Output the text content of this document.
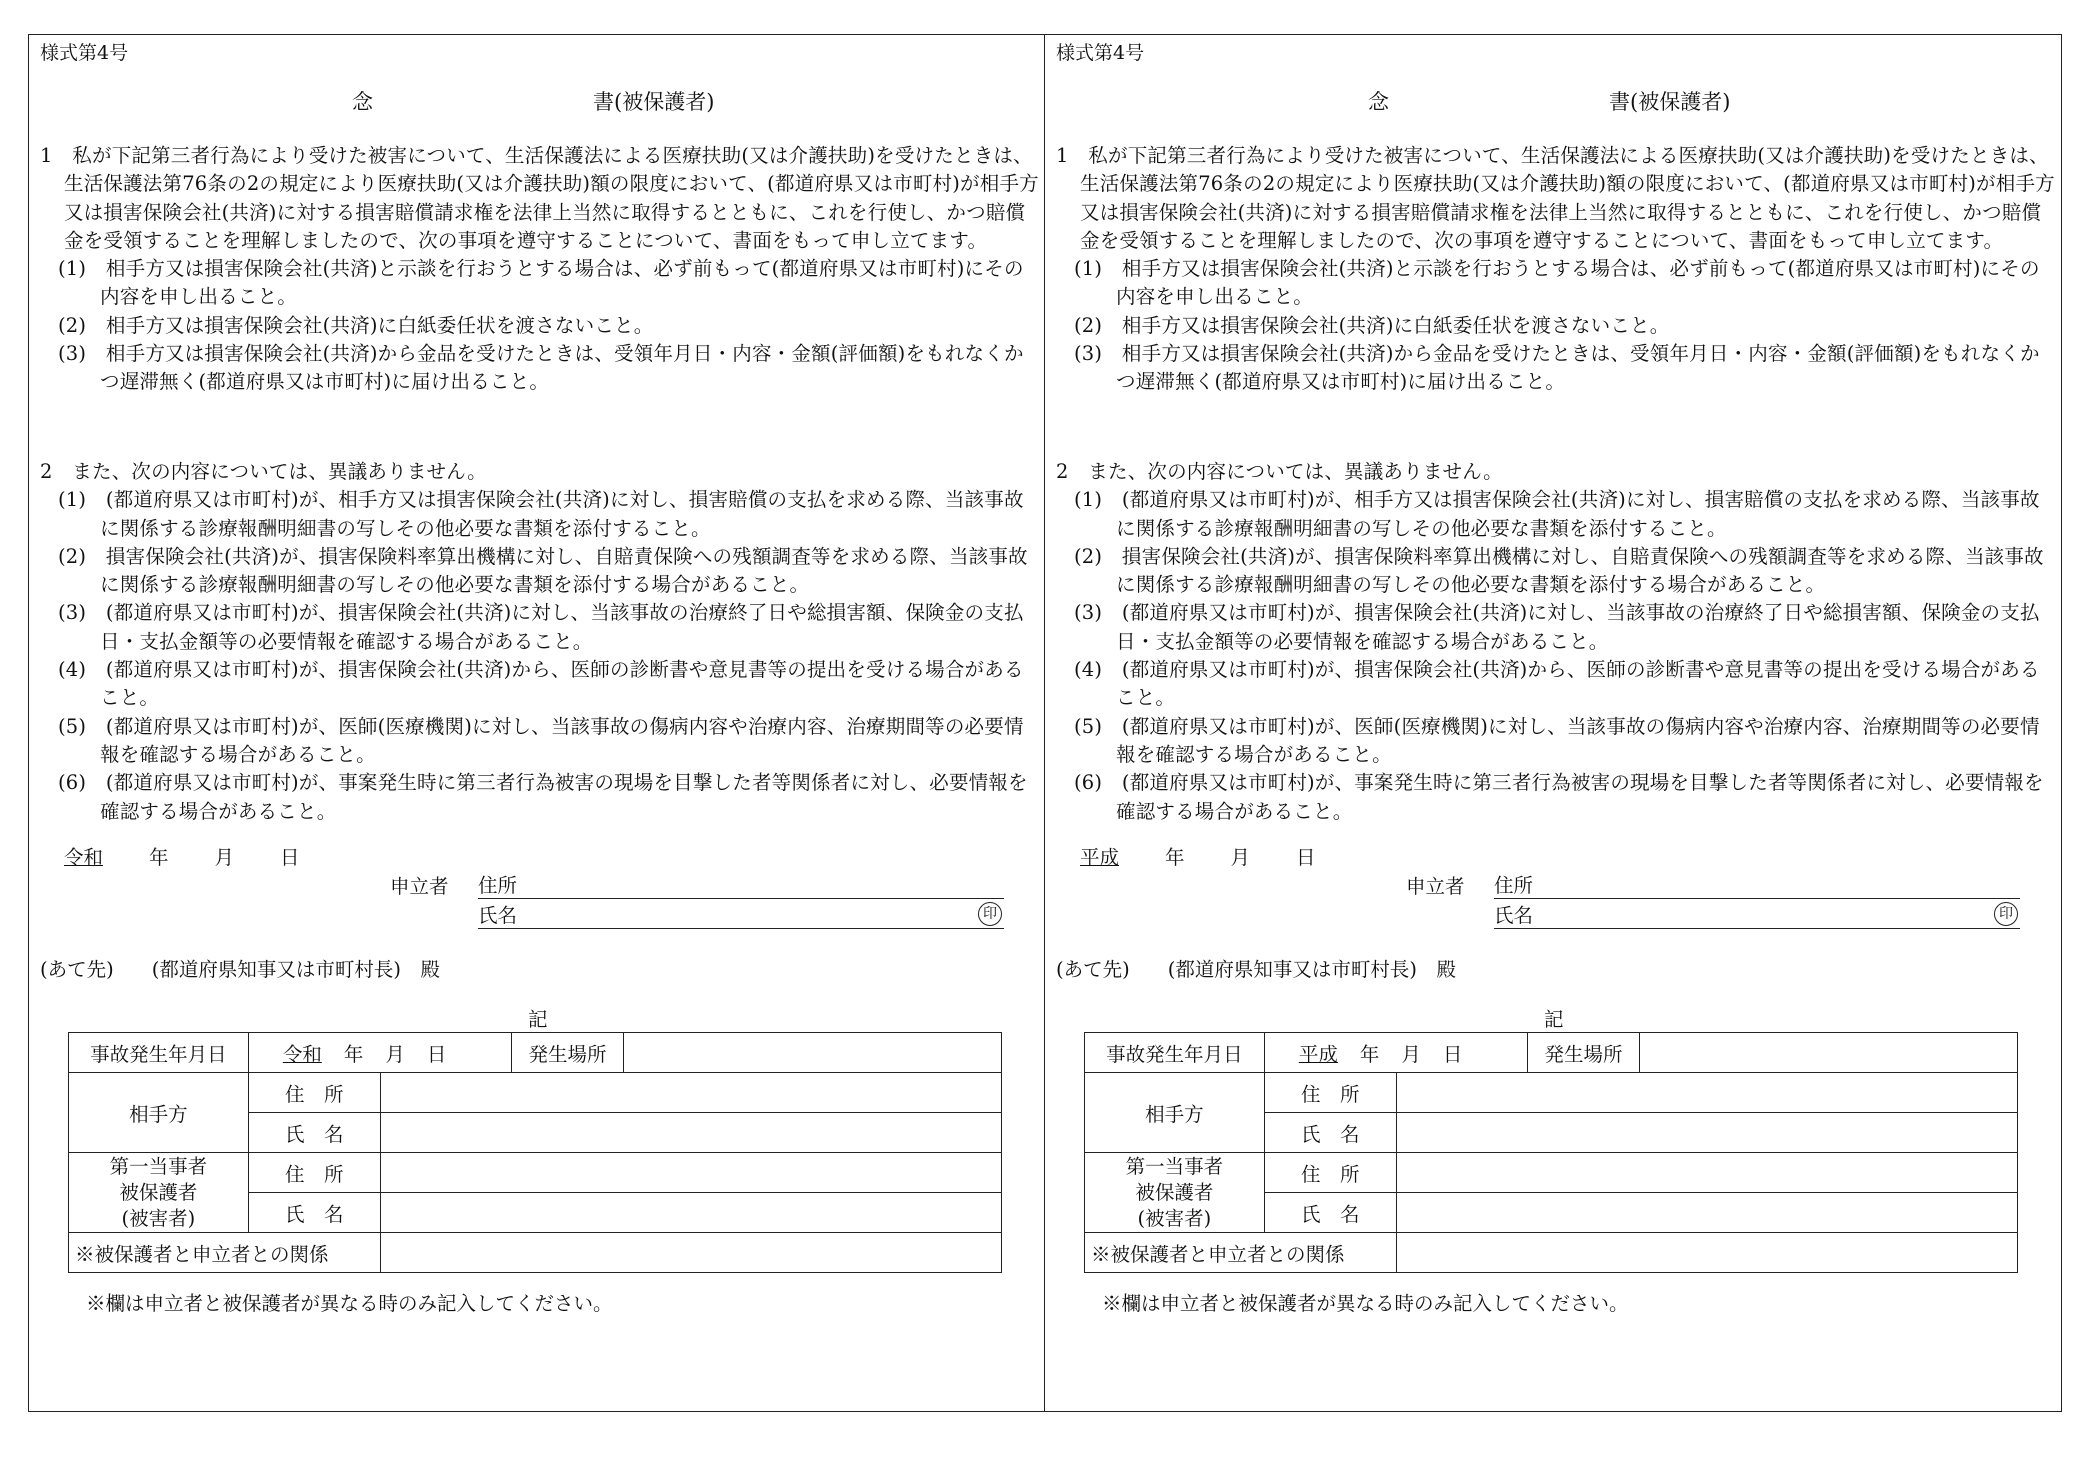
様式第4号
念	書(被保護者)
1　私が下記第三者行為により受けた被害について、生活保護法による医療扶助(又は介護扶助)を受けたときは、生活保護法第76条の2の規定により医療扶助(又は介護扶助)額の限度において、(都道府県又は市町村)が相手方又は損害保険会社(共済)に対する損害賠償請求権を法律上当然に取得するとともに、これを行使し、かつ賠償金を受領することを理解しましたので、次の事項を遵守することについて、書面をもって申し立てます。
(1)　相手方又は損害保険会社(共済)と示談を行おうとする場合は、必ず前もって(都道府県又は市町村)にその内容を申し出ること。
(2)　相手方又は損害保険会社(共済)に白紙委任状を渡さないこと。
(3)　相手方又は損害保険会社(共済)から金品を受けたときは、受領年月日・内容・金額(評価額)をもれなくかつ遅滞無く(都道府県又は市町村)に届け出ること。
2　また、次の内容については、異議ありません。
(1)　(都道府県又は市町村)が、相手方又は損害保険会社(共済)に対し、損害賠償の支払を求める際、当該事故に関係する診療報酬明細書の写しその他必要な書類を添付すること。
(2)　損害保険会社(共済)が、損害保険料率算出機構に対し、自賠責保険への残額調査等を求める際、当該事故に関係する診療報酬明細書の写しその他必要な書類を添付する場合があること。
(3)　(都道府県又は市町村)が、損害保険会社(共済)に対し、当該事故の治療終了日や総損害額、保険金の支払日・支払金額等の必要情報を確認する場合があること。
(4)　(都道府県又は市町村)が、損害保険会社(共済)から、医師の診断書や意見書等の提出を受ける場合があること。
(5)　(都道府県又は市町村)が、医師(医療機関)に対し、当該事故の傷病内容や治療内容、治療期間等の必要情報を確認する場合があること。
(6)　(都道府県又は市町村)が、事案発生時に第三者行為被害の現場を目撃した者等関係者に対し、必要情報を確認する場合があること。
令和 年 月 日
申立者 住所
氏名	印
(あて先) (都道府県知事又は市町村長)　 殿
記
事故発生年月日	令和 年 月 日		発生場所	
相手方	住　所			
	氏　名			

第一当事者
被保護者
(被害者)	住　所			
	氏　名			
※被保護者と申立者との関係				
※欄は申立者と被保護者が異なる時のみ記入してください。
様式第4号
念	書(被保護者)
1　私が下記第三者行為により受けた被害について、生活保護法による医療扶助(又は介護扶助)を受けたときは、生活保護法第76条の2の規定により医療扶助(又は介護扶助)額の限度において、(都道府県又は市町村)が相手方又は損害保険会社(共済)に対する損害賠償請求権を法律上当然に取得するとともに、これを行使し、かつ賠償金を受領することを理解しましたので、次の事項を遵守することについて、書面をもって申し立てます。
(1)　相手方又は損害保険会社(共済)と示談を行おうとする場合は、必ず前もって(都道府県又は市町村)にその内容を申し出ること。
(2)　相手方又は損害保険会社(共済)に白紙委任状を渡さないこと。
(3)　相手方又は損害保険会社(共済)から金品を受けたときは、受領年月日・内容・金額(評価額)をもれなくかつ遅滞無く(都道府県又は市町村)に届け出ること。
2　また、次の内容については、異議ありません。
(1)　(都道府県又は市町村)が、相手方又は損害保険会社(共済)に対し、損害賠償の支払を求める際、当該事故に関係する診療報酬明細書の写しその他必要な書類を添付すること。
(2)　損害保険会社(共済)が、損害保険料率算出機構に対し、自賠責保険への残額調査等を求める際、当該事故に関係する診療報酬明細書の写しその他必要な書類を添付する場合があること。
(3)　(都道府県又は市町村)が、損害保険会社(共済)に対し、当該事故の治療終了日や総損害額、保険金の支払日・支払金額等の必要情報を確認する場合があること。
(4)　(都道府県又は市町村)が、損害保険会社(共済)から、医師の診断書や意見書等の提出を受ける場合があること。
(5)　(都道府県又は市町村)が、医師(医療機関)に対し、当該事故の傷病内容や治療内容、治療期間等の必要情報を確認する場合があること。
(6)　(都道府県又は市町村)が、事案発生時に第三者行為被害の現場を目撃した者等関係者に対し、必要情報を確認する場合があること。
平成 年 月 日
申立者 住所
氏名	印
(あて先) (都道府県知事又は市町村長)　 殿
記
事故発生年月日	平成 年 月 日		発生場所	
相手方	住　所			
	氏　名			

第一当事者
被保護者
(被害者)	住　所			
	氏　名			
※被保護者と申立者との関係				
※欄は申立者と被保護者が異なる時のみ記入してください。
